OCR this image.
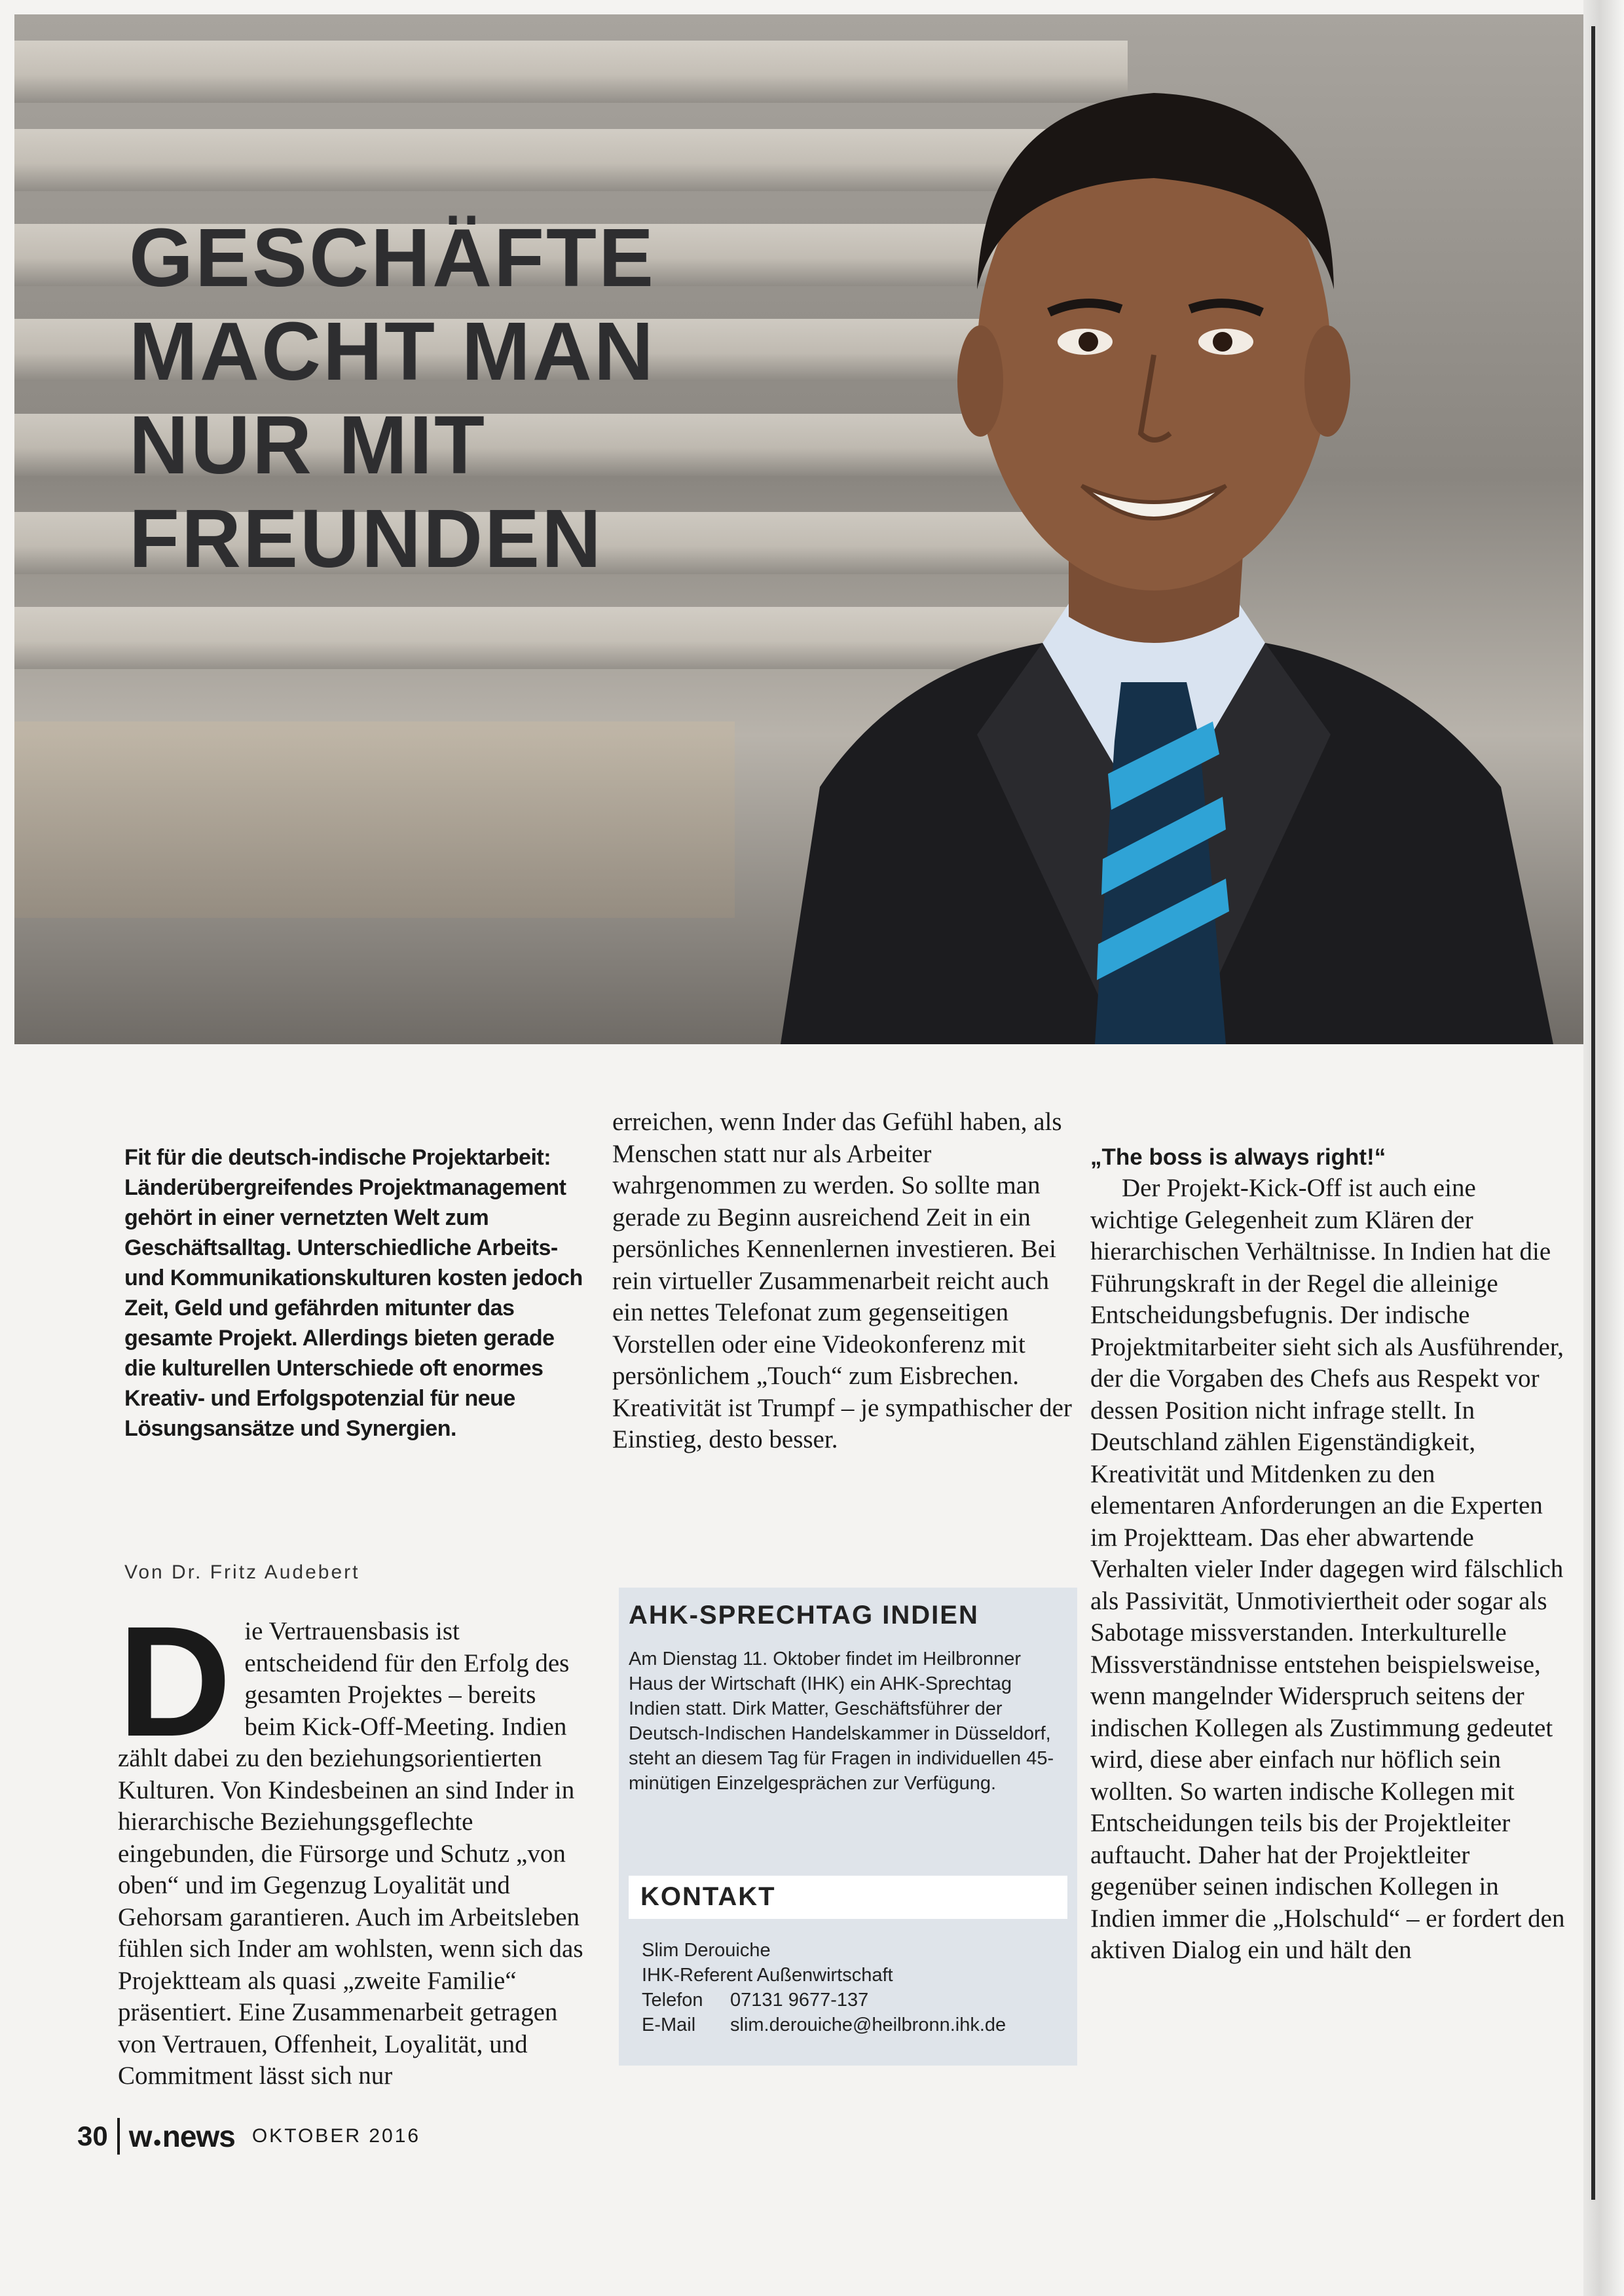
GESCHÄFTE
MACHT MAN
NUR MIT
FREUNDEN

Fit für die deutsch-indische Projektarbeit: Länderübergreifendes Projektmanagement gehört in einer vernetzten Welt zum Geschäftsalltag. Unterschiedliche Arbeits- und Kommunikationskulturen kosten jedoch Zeit, Geld und gefährden mitunter das gesamte Projekt. Allerdings bieten gerade die kulturellen Unterschiede oft enormes Kreativ- und Erfolgspotenzial für neue Lösungsansätze und Synergien.

Von Dr. Fritz Audebert

D ie Vertrauensbasis ist entscheidend für den Erfolg des gesamten Projektes – bereits beim Kick-Off-Meeting. Indien zählt dabei zu den beziehungsorientierten Kulturen. Von Kindesbeinen an sind Inder in hierarchische Beziehungsgeflechte eingebunden, die Fürsorge und Schutz „von oben“ und im Gegenzug Loyalität und Gehorsam garantieren. Auch im Arbeitsleben fühlen sich Inder am wohlsten, wenn sich das Projektteam als quasi „zweite Familie“ präsentiert. Eine Zusammenarbeit getragen von Vertrauen, Offenheit, Loyalität, und Commitment lässt sich nur

erreichen, wenn Inder das Gefühl haben, als Menschen statt nur als Arbeiter wahrgenommen zu werden. So sollte man gerade zu Beginn ausreichend Zeit in ein persönliches Kennenlernen investieren. Bei rein virtueller Zusammenarbeit reicht auch ein nettes Telefonat zum gegenseitigen Vorstellen oder eine Videokonferenz mit persönlichem „Touch“ zum Eisbrechen. Kreativität ist Trumpf – je sympathischer der Einstieg, desto besser.

AHK-SPRECHTAG INDIEN

Am Dienstag 11. Oktober findet im Heilbronner Haus der Wirtschaft (IHK) ein AHK-Sprechtag Indien statt. Dirk Matter, Geschäftsführer der Deutsch-Indischen Handelskammer in Düsseldorf, steht an diesem Tag für Fragen in individuellen 45-minütigen Einzelgesprächen zur Verfügung.

KONTAKT
Slim Derouiche
IHK-Referent Außenwirtschaft
Telefon 07131 9677-137
E-Mail slim.derouiche@heilbronn.ihk.de

„The boss is always right!“

Der Projekt-Kick-Off ist auch eine wichtige Gelegenheit zum Klären der hierarchischen Verhältnisse. In Indien hat die Führungskraft in der Regel die alleinige Entscheidungsbefugnis. Der indische Projektmitarbeiter sieht sich als Ausführender, der die Vorgaben des Chefs aus Respekt vor dessen Position nicht infrage stellt. In Deutschland zählen Eigenständigkeit, Kreativität und Mitdenken zu den elementaren Anforderungen an die Experten im Projektteam. Das eher abwartende Verhalten vieler Inder dagegen wird fälschlich als Passivität, Unmotiviertheit oder sogar als Sabotage missverstanden. Interkulturelle Missverständnisse entstehen beispielsweise, wenn mangelnder Widerspruch seitens der indischen Kollegen als Zustimmung gedeutet wird, diese aber einfach nur höflich sein wollten. So warten indische Kollegen mit Entscheidungen teils bis der Projektleiter auftaucht. Daher hat der Projektleiter gegenüber seinen indischen Kollegen in Indien immer die „Holschuld“ – er fordert den aktiven Dialog ein und hält den

30 w ● news OKTOBER 2016
